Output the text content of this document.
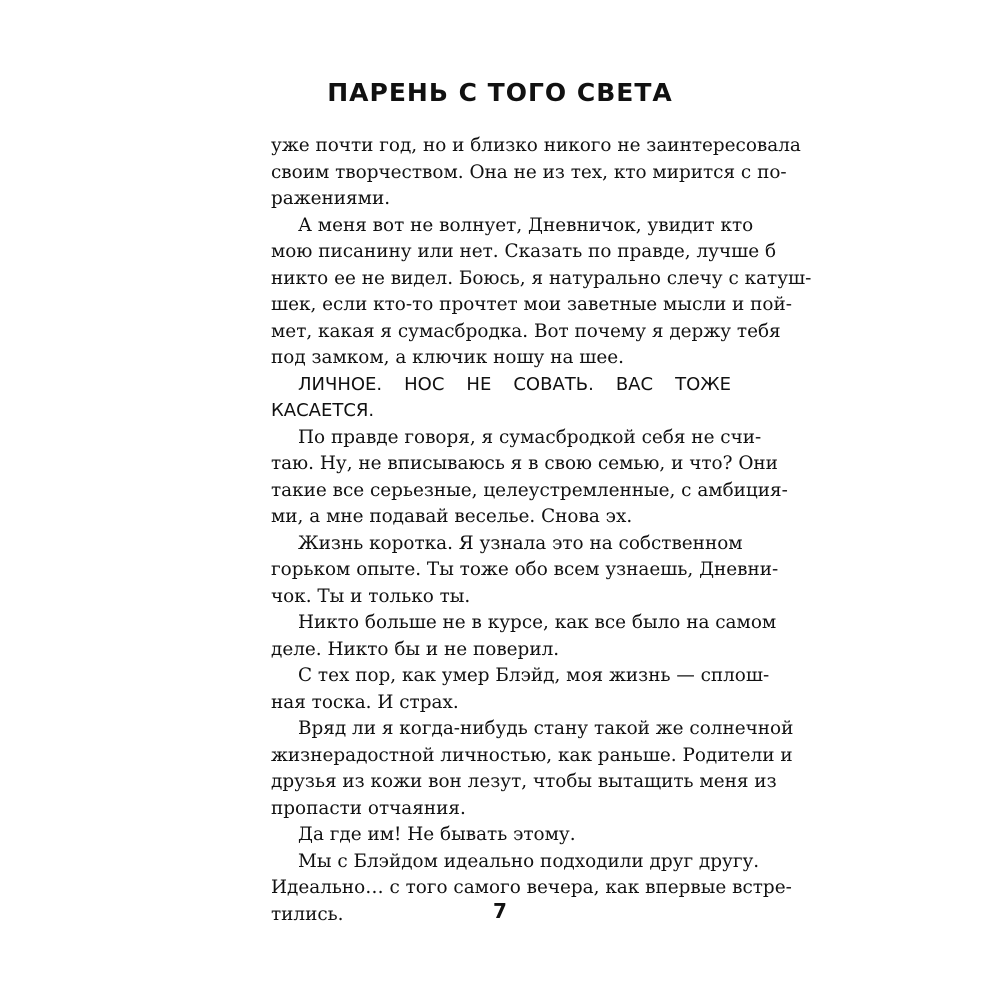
ПАРЕНЬ С ТОГО СВЕТА
уже почти год, но и близко никого не заинтересовала
своим творчеством. Она не из тех, кто мирится с по-
ражениями.
А меня вот не волнует, Дневничок, увидит кто
мою писанину или нет. Сказать по правде, лучше б
никто ее не видел. Боюсь, я натурально слечу с катуш-
шек, если кто-то прочтет мои заветные мысли и пой-
мет, какая я сумасбродка. Вот почему я держу тебя
под замком, а ключик ношу на шее.
ЛИЧНОЕ. НОС НЕ СОВАТЬ. ВАС ТОЖЕ
КАСАЕТСЯ.
По правде говоря, я сумасбродкой себя не счи-
таю. Ну, не вписываюсь я в свою семью, и что? Они
такие все серьезные, целеустремленные, с амбиция-
ми, а мне подавай веселье. Снова эх.
Жизнь коротка. Я узнала это на собственном
горьком опыте. Ты тоже обо всем узнаешь, Дневни-
чок. Ты и только ты.
Никто больше не в курсе, как все было на самом
деле. Никто бы и не поверил.
С тех пор, как умер Блэйд, моя жизнь — сплош-
ная тоска. И страх.
Вряд ли я когда-нибудь стану такой же солнечной
жизнерадостной личностью, как раньше. Родители и
друзья из кожи вон лезут, чтобы вытащить меня из
пропасти отчаяния.
Да где им! Не бывать этому.
Мы с Блэйдом идеально подходили друг другу.
Идеально… с того самого вечера, как впервые встре-
тились.	7
